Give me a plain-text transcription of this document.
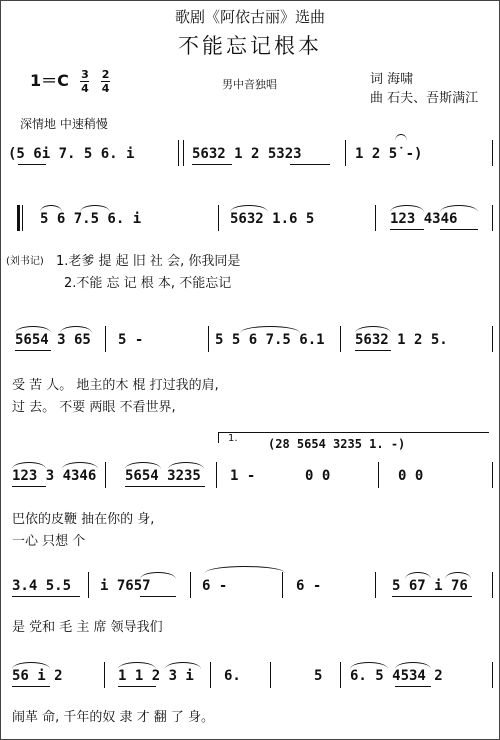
歌剧《阿依古丽》选曲
不能忘记根本
$1=C \frac{3}{4}$
$\frac{2}{4}$	男中音独唱	词 海啸
曲 石夫、吾斯满江
深情地 中速稍慢
(5 6i 7. 5 6. i	5632 1 2 5323	1 2 5̇ -)
5 6 7.5 6. i	5632 1.6 5	123 4346
(刘书记) 1.老爹 提 起 旧 社 会, 你我同是
2.不能 忘 记 根 本, 不能忘记
5654 3 65 5 -	5 5 6 7.5 6.1 5632 1 2 5.
受 苦 人。 地主的木 棍 打过我的肩,
过 去。 不要 两眼 不看世界,
1.	(28 5654 3235 1. -)
123 3 4346 5654 3235 1 -	0 0	0 0
巴依的皮鞭 抽在你的 身,
一心 只想 个
3.4 5.5 i 7657	6 -	6 -	5 67 i 76
是 党和 毛 主 席 领导我们
56 i 2	1 1 2 3 i 6.	5 6. 5 4534 2
闹革 命, 千年的奴 隶 才 翻 了 身。
